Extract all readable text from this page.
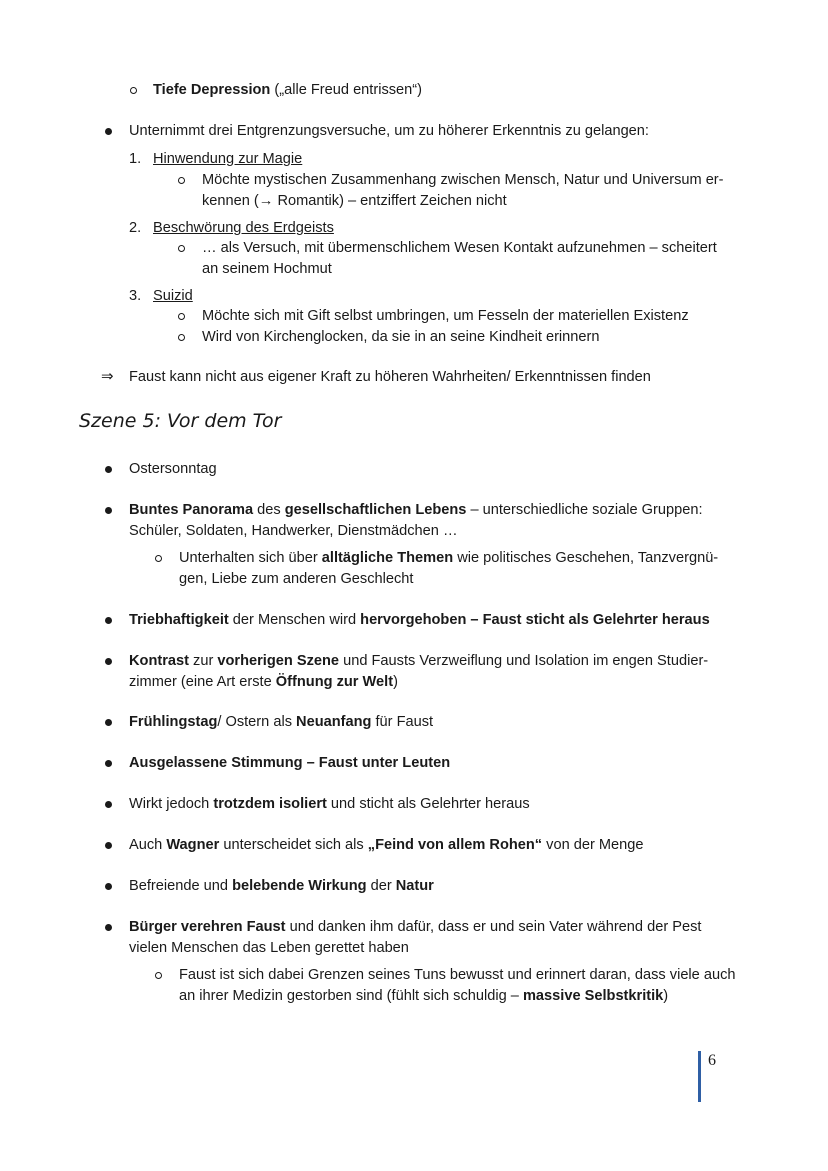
Tiefe Depression („alle Freud entrissen“)
Unternimmt drei Entgrenzungsversuche, um zu höherer Erkenntnis zu gelangen:
1. Hinwendung zur Magie
Möchte mystischen Zusammenhang zwischen Mensch, Natur und Universum er-
kennen (→ Romantik) – entziffert Zeichen nicht
2. Beschwörung des Erdgeists
… als Versuch, mit übermenschlichem Wesen Kontakt aufzunehmen – scheitert
an seinem Hochmut
3. Suizid
Möchte sich mit Gift selbst umbringen, um Fesseln der materiellen Existenz
Wird von Kirchenglocken, da sie in an seine Kindheit erinnern
⇒ Faust kann nicht aus eigener Kraft zu höheren Wahrheiten/ Erkenntnissen finden
Szene 5: Vor dem Tor
Ostersonntag
Buntes Panorama des gesellschaftlichen Lebens – unterschiedliche soziale Gruppen:
Schüler, Soldaten, Handwerker, Dienstmädchen …
Unterhalten sich über alltägliche Themen wie politisches Geschehen, Tanzvergnü-
gen, Liebe zum anderen Geschlecht
Triebhaftigkeit der Menschen wird hervorgehoben – Faust sticht als Gelehrter heraus
Kontrast zur vorherigen Szene und Fausts Verzweiflung und Isolation im engen Studier-
zimmer (eine Art erste Öffnung zur Welt)
Frühlingstag/ Ostern als Neuanfang für Faust
Ausgelassene Stimmung – Faust unter Leuten
Wirkt jedoch trotzdem isoliert und sticht als Gelehrter heraus
Auch Wagner unterscheidet sich als „Feind von allem Rohen“ von der Menge
Befreiende und belebende Wirkung der Natur
Bürger verehren Faust und danken ihm dafür, dass er und sein Vater während der Pest
vielen Menschen das Leben gerettet haben
Faust ist sich dabei Grenzen seines Tuns bewusst und erinnert daran, dass viele auch
an ihrer Medizin gestorben sind (fühlt sich schuldig – massive Selbstkritik)
6
